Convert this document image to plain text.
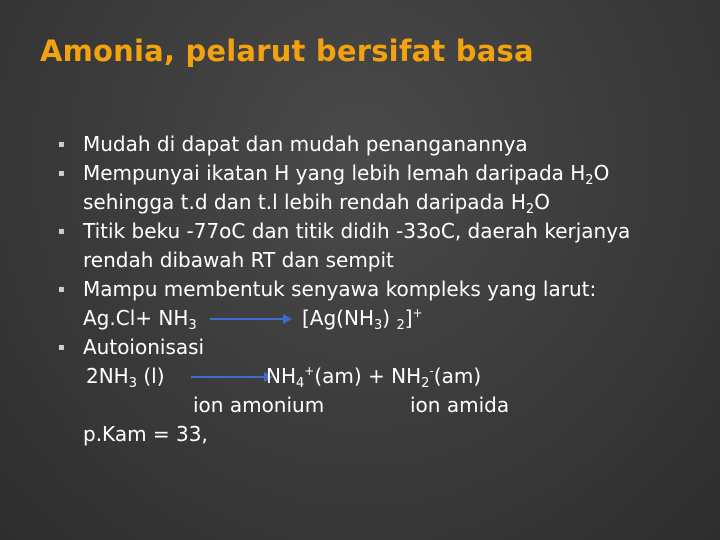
Amonia, pelarut bersifat basa
▪ Mudah di dapat dan mudah penanganannya
▪ Mempunyai ikatan H yang lebih lemah daripada $H_2O$
sehingga t.d dan t.l lebih rendah daripada $H_2O$
▪ Titik beku -77oC dan titik didih -33oC, daerah kerjanya
rendah dibawah RT dan sempit
▪ Mampu membentuk senyawa kompleks yang larut:
$Ag.Cl+ NH_3 \to [Ag(NH_3)$ $_2$]+
▪ Autoionisasi
$2NH_3$ (l) →
$NH_4^+(am) + NH_2^-(am)$
ion amonium	ion amida
p.Kam = 33,
